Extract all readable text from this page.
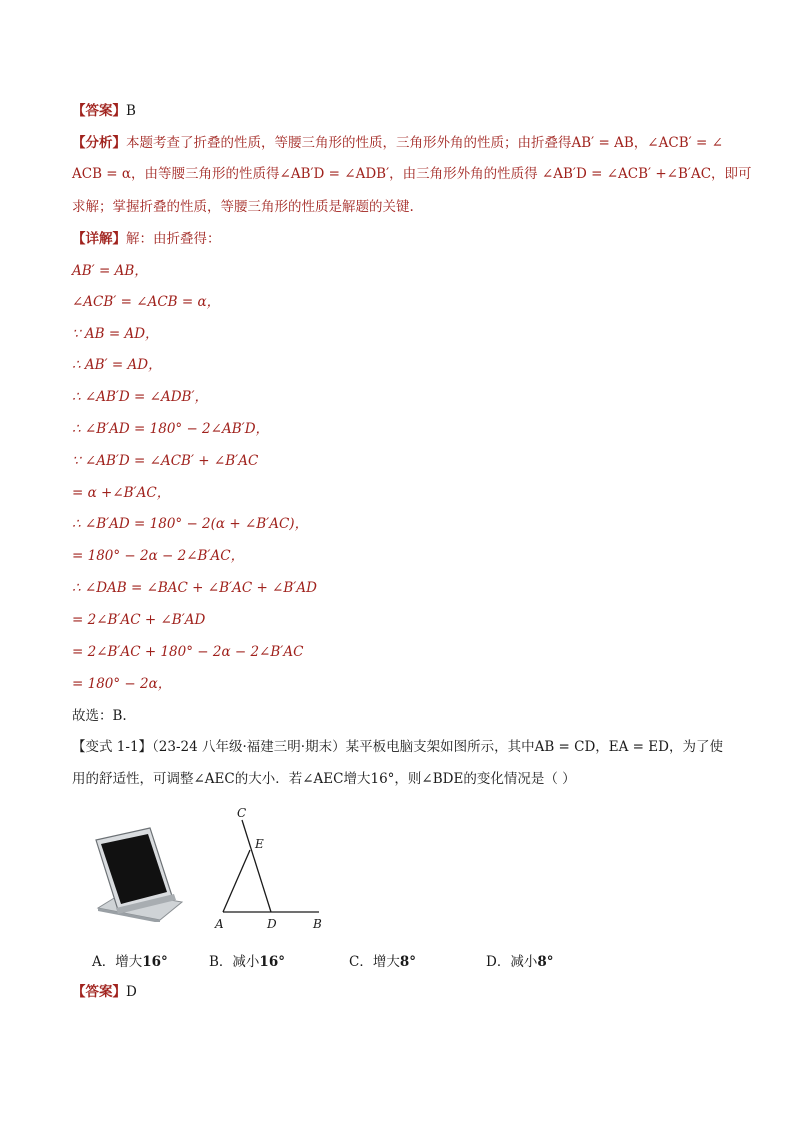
【答案】B
【分析】本题考查了折叠的性质，等腰三角形的性质，三角形外角的性质；由折叠得AB′ = AB，∠ACB′ = ∠
ACB = α，由等腰三角形的性质得∠AB′D = ∠ADB′，由三角形外角的性质得 ∠AB′D = ∠ACB′ +∠B′AC，即可
求解；掌握折叠的性质，等腰三角形的性质是解题的关键.
【详解】解：由折叠得：
AB′ = AB，
∠ACB′ = ∠ACB = α，
∵ AB = AD，
∴ AB′ = AD，
∴ ∠AB′D = ∠ADB′，
∴ ∠B′AD = 180° − 2∠AB′D，
∵ ∠AB′D = ∠ACB′ + ∠B′AC
= α +∠B′AC，
∴ ∠B′AD = 180° − 2(α + ∠B′AC)，
= 180° − 2α − 2∠B′AC，
∴ ∠DAB = ∠BAC + ∠B′AC + ∠B′AD
= 2∠B′AC + ∠B′AD
= 2∠B′AC + 180° − 2α − 2∠B′AC
= 180° − 2α，
故选：B.
【变式 1-1】（23-24 八年级·福建三明·期末）某平板电脑支架如图所示，其中AB = CD，EA = ED，为了使
用的舒适性，可调整∠AEC的大小．若∠AEC增大16°，则∠BDE的变化情况是（ ）
C
E
A	D	B
A．增大16°	B．减小16°	C．增大8°	D．减小8°
【答案】D
